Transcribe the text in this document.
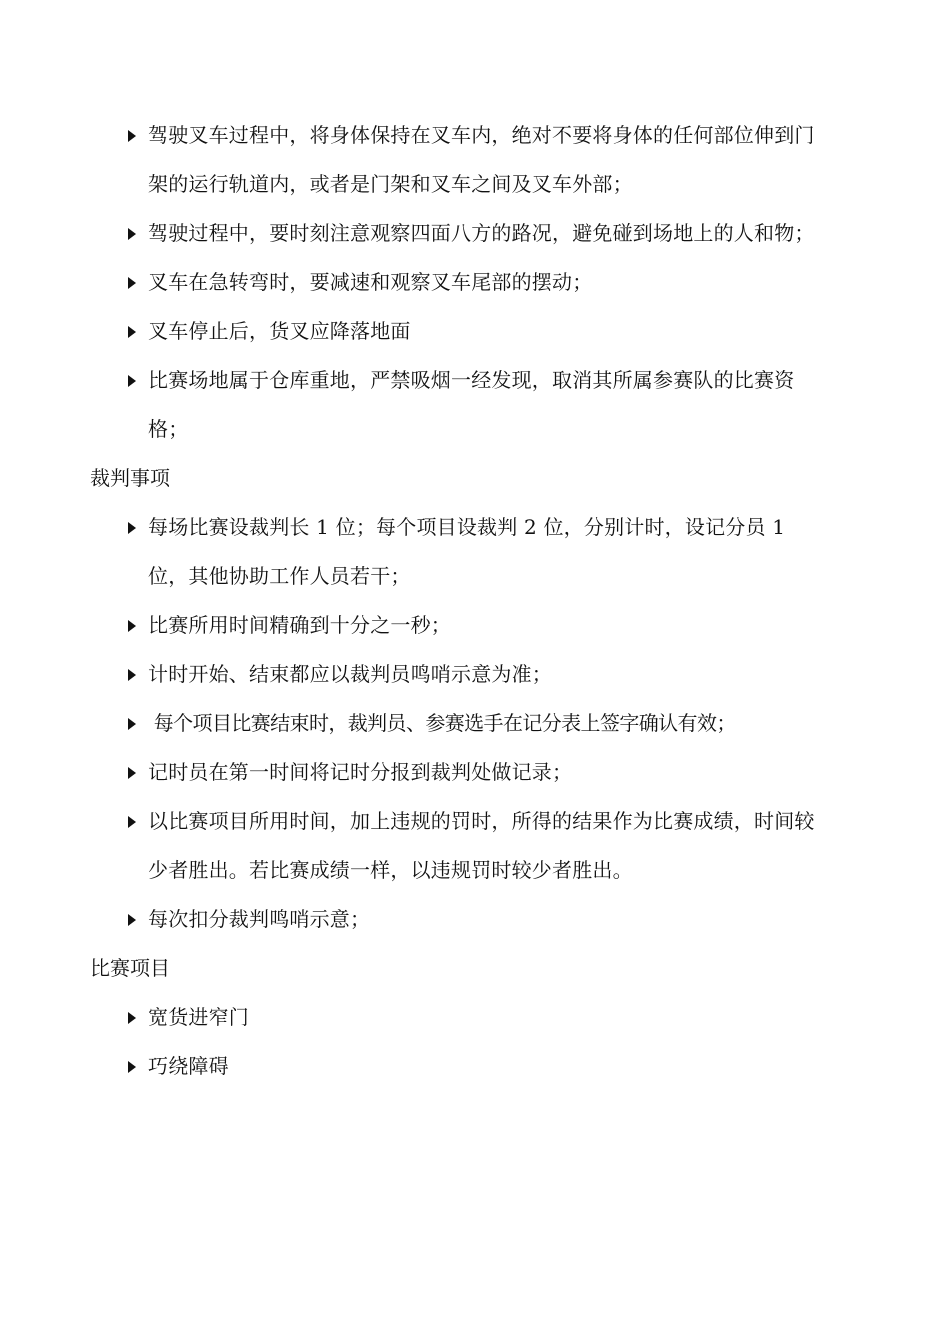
驾驶叉车过程中，将身体保持在叉车内，绝对不要将身体的任何部位伸到门架的运行轨道内，或者是门架和叉车之间及叉车外部；
驾驶过程中，要时刻注意观察四面八方的路况，避免碰到场地上的人和物；
叉车在急转弯时，要减速和观察叉车尾部的摆动；
叉车停止后，货叉应降落地面
比赛场地属于仓库重地，严禁吸烟一经发现，取消其所属参赛队的比赛资格；
裁判事项
每场比赛设裁判长 1 位；每个项目设裁判 2 位，分别计时，设记分员 1 位，其他协助工作人员若干；
比赛所用时间精确到十分之一秒；
计时开始、结束都应以裁判员鸣哨示意为准；
每个项目比赛结束时，裁判员、参赛选手在记分表上签字确认有效；
记时员在第一时间将记时分报到裁判处做记录；
以比赛项目所用时间，加上违规的罚时，所得的结果作为比赛成绩，时间较少者胜出。若比赛成绩一样，以违规罚时较少者胜出。
每次扣分裁判鸣哨示意；
比赛项目
宽货进窄门
巧绕障碍
